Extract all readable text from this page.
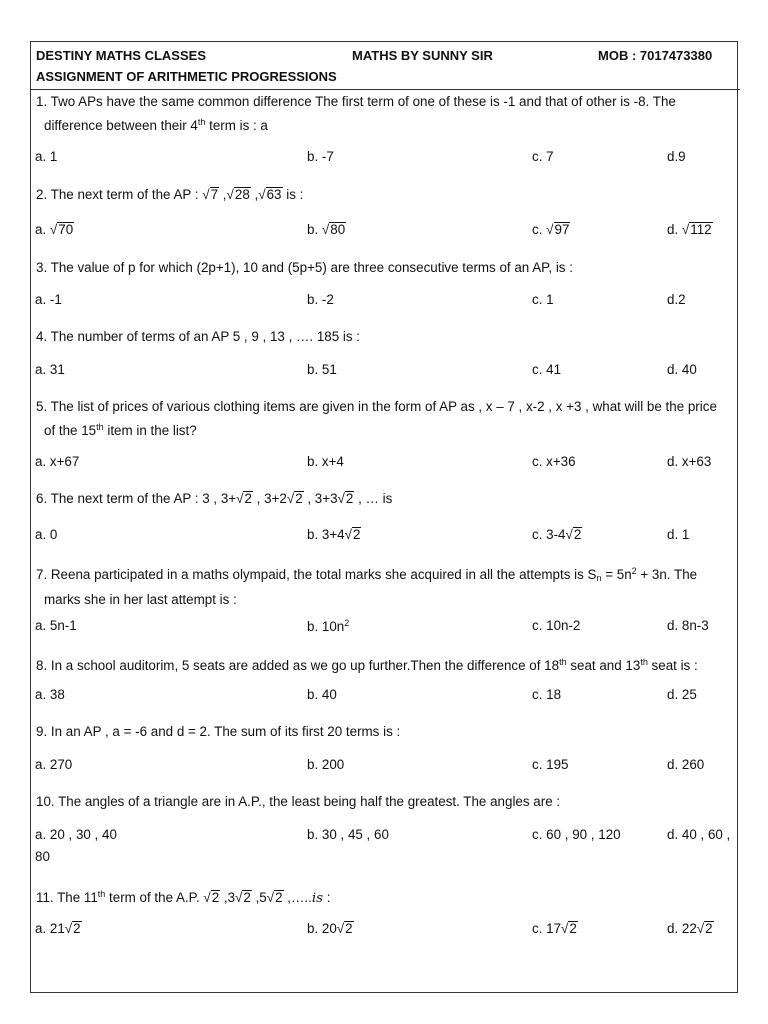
DESTINY MATHS CLASSES	MATHS BY SUNNY SIR	MOB : 7017473380
ASSIGNMENT OF ARITHMETIC PROGRESSIONS
1. Two APs have the same common difference The first term of one of these is -1 and that of other is -8. The
difference between their 4th term is : a
a. 1	b. -7	c. 7	d.9
2. The next term of the AP : √7 ,√28 ,√63 is :
a. √70	b. √80	c. √97	d. √112
3. The value of p for which (2p+1), 10 and (5p+5) are three consecutive terms of an AP, is :
a. -1	b. -2	c. 1	d.2
4. The number of terms of an AP 5 , 9 , 13 , …. 185 is :
a. 31	b. 51	c. 41	d. 40
5. The list of prices of various clothing items are given in the form of AP as , x – 7 , x-2 , x +3 , what will be the price
of the 15th item in the list?
a. x+67	b. x+4	c. x+36	d. x+63
6. The next term of the AP : 3 , 3+√2 , 3+2√2 , 3+3√2 , … is
a. 0	b. 3+4√2	c. 3-4√2	d. 1
7. Reena participated in a maths olympaid, the total marks she acquired in all the attempts is $S_n = 5n^2 + 3n$. The
marks she in her last attempt is :
a. 5n-1	b. $10n^2$	c. 10n-2	d. 8n-3
8. In a school auditorim, 5 seats are added as we go up further.Then the difference of 18th seat and 13th seat is :
a. 38	b. 40	c. 18	d. 25
9. In an AP , a = -6 and d = 2. The sum of its first 20 terms is :
a. 270	b. 200	c. 195	d. 260
10. The angles of a triangle are in A.P., the least being half the greatest. The angles are :
a. 20 , 30 , 40	b. 30 , 45 , 60	c. 60 , 90 , 120	d. 40 , 60 ,
80
11. The 11th term of the A.P. √2 ,3√2 ,5√2 ,…..is :
a. 21√2	b. 20√2	c. 17√2	d. 22√2
